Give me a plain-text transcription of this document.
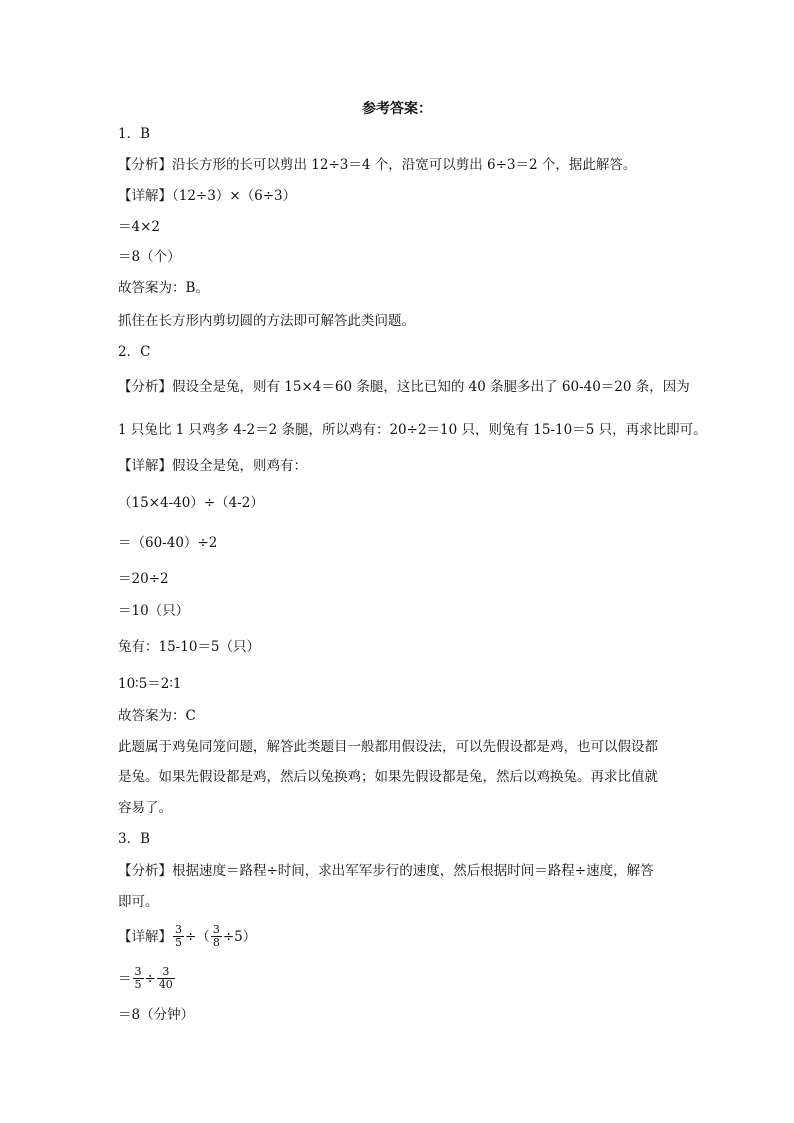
参考答案：
1．B
【分析】沿长方形的长可以剪出 12÷3＝4 个，沿宽可以剪出 6÷3＝2 个，据此解答。
【详解】（12÷3）×（6÷3）
＝4×2
＝8（个）
故答案为：B。
抓住在长方形内剪切圆的方法即可解答此类问题。
2．C
【分析】假设全是兔，则有 15×4＝60 条腿，这比已知的 40 条腿多出了 60-40＝20 条，因为
1 只兔比 1 只鸡多 4-2＝2 条腿，所以鸡有：20÷2＝10 只，则兔有 15-10＝5 只，再求比即可。
【详解】假设全是兔，则鸡有：
（15×4-40）÷（4-2）
＝（60-40）÷2
＝20÷2
＝10（只）
兔有：15-10＝5（只）
10∶5＝2∶1
故答案为：C
此题属于鸡兔同笼问题，解答此类题目一般都用假设法，可以先假设都是鸡，也可以假设都
是兔。如果先假设都是鸡，然后以兔换鸡；如果先假设都是兔，然后以鸡换兔。再求比值就
容易了。
3．B
【分析】根据速度＝路程÷时间，求出军军步行的速度，然后根据时间＝路程÷速度，解答
即可。
【详解】 $\frac{3}{5}$ ÷（ $\frac{3}{8} \div 5$）
＝ $\frac{3}{5} \div \frac{3}{40}$
＝8（分钟）
